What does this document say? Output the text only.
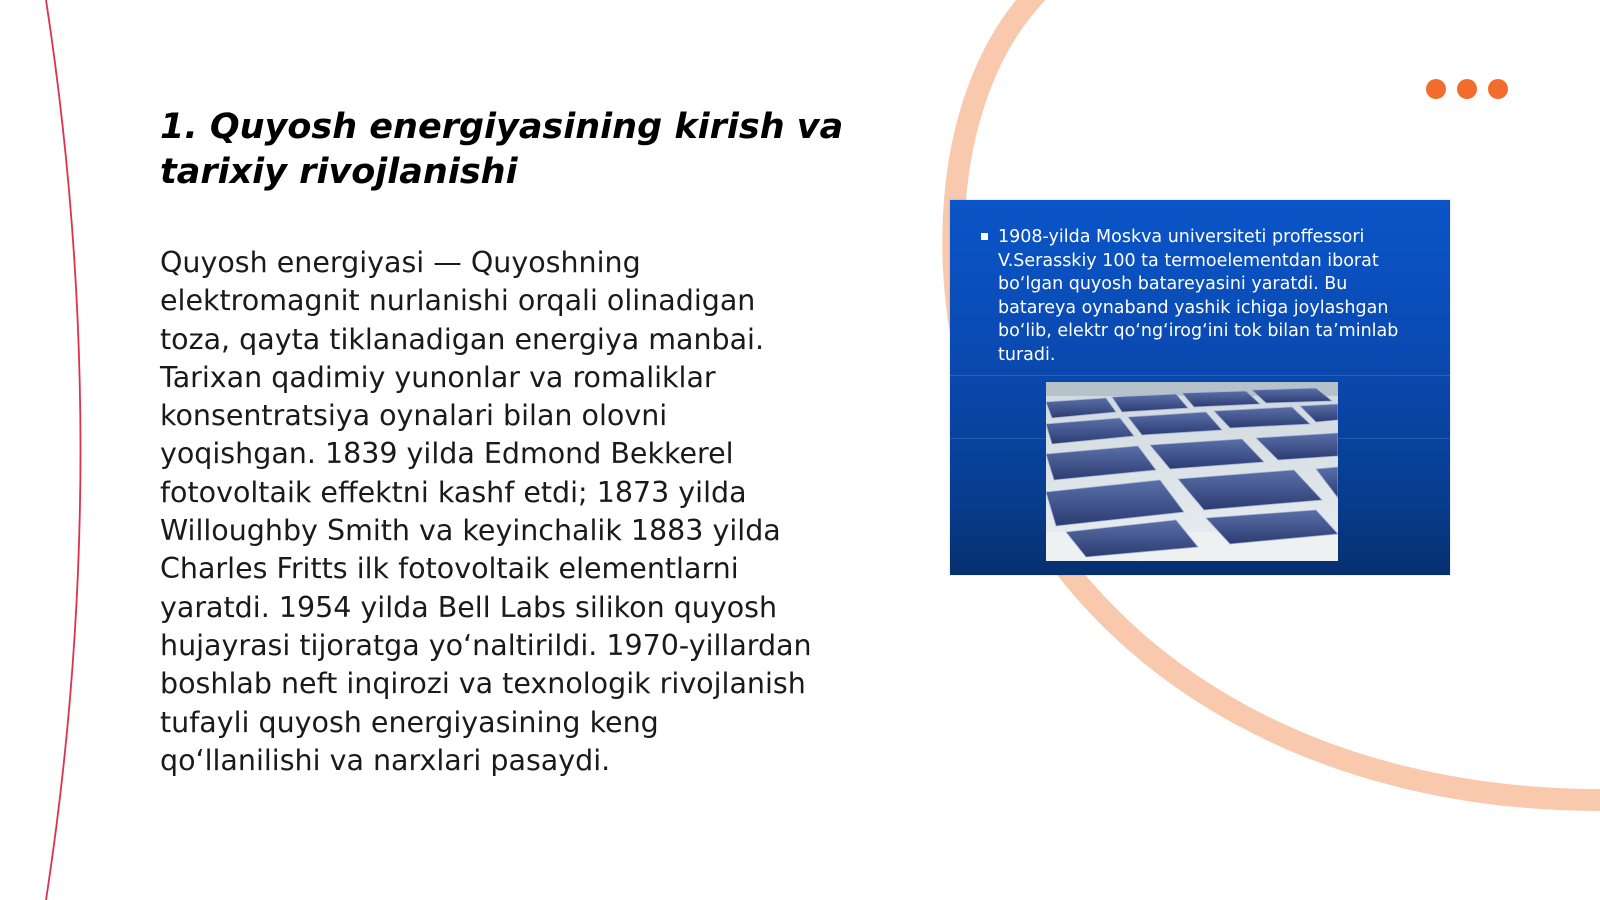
1. Quyosh energiyasining kirish va tarixiy rivojlanishi

Quyosh energiyasi — Quyoshning
elektromagnit nurlanishi orqali olinadigan
toza, qayta tiklanadigan energiya manbai.
Tarixan qadimiy yunonlar va romaliklar
konsentratsiya oynalari bilan olovni
yoqishgan. 1839 yilda Edmond Bekkerel
fotovoltaik effektni kashf etdi; 1873 yilda
Willoughby Smith va keyinchalik 1883 yilda
Charles Fritts ilk fotovoltaik elementlarni
yaratdi. 1954 yilda Bell Labs silikon quyosh
hujayrasi tijoratga yo‘naltirildi. 1970-yillardan
boshlab neft inqirozi va texnologik rivojlanish
tufayli quyosh energiyasining keng
qo‘llanilishi va narxlari pasaydi.

1908-yilda Moskva universiteti proffessori V.Serasskiy 100 ta termoelementdan iborat bo‘lgan quyosh batareyasini yaratdi. Bu batareya oynaband yashik ichiga joylashgan bo‘lib, elektr qo‘ng‘irog‘ini tok bilan ta’minlab turadi.
